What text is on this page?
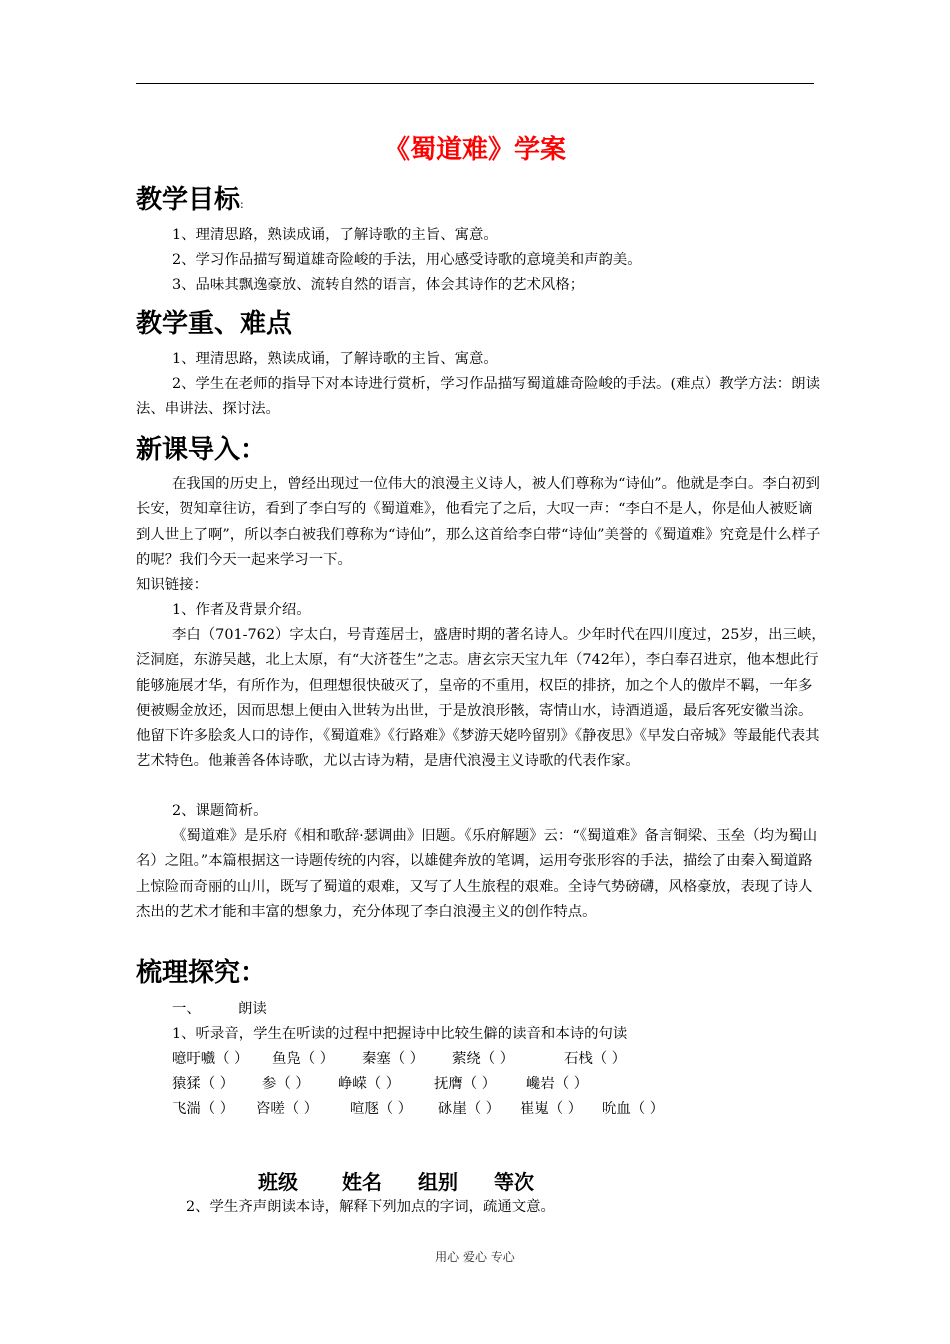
《蜀道难》学案
教学目标:
1、理清思路，熟读成诵，了解诗歌的主旨、寓意。
2、学习作品描写蜀道雄奇险峻的手法，用心感受诗歌的意境美和声韵美。
3、品味其飘逸豪放、流转自然的语言，体会其诗作的艺术风格；
教学重、难点
1、理清思路，熟读成诵，了解诗歌的主旨、寓意。
2、学生在老师的指导下对本诗进行赏析，学习作品描写蜀道雄奇险峻的手法。(难点）教学方法：朗读法、串讲法、探讨法。
新课导入：
在我国的历史上，曾经出现过一位伟大的浪漫主义诗人，被人们尊称为“诗仙”。他就是李白。李白初到长安，贺知章往访，看到了李白写的《蜀道难》，他看完了之后，大叹一声：“李白不是人，你是仙人被贬谪到人世上了啊”，所以李白被我们尊称为“诗仙”，那么这首给李白带“诗仙”美誉的《蜀道难》究竟是什么样子的呢？我们今天一起来学习一下。
知识链接：
1、作者及背景介绍。
李白（701-762）字太白，号青莲居士，盛唐时期的著名诗人。少年时代在四川度过，25岁，出三峡，泛洞庭，东游吴越，北上太原，有“大济苍生”之志。唐玄宗天宝九年（742年），李白奉召进京，他本想此行能够施展才华，有所作为，但理想很快破灭了，皇帝的不重用，权臣的排挤，加之个人的傲岸不羁，一年多便被赐金放还，因而思想上便由入世转为出世，于是放浪形骸，寄情山水，诗酒逍遥，最后客死安徽当涂。他留下许多脍炙人口的诗作，《蜀道难》《行路难》《梦游天姥吟留别》《静夜思》《早发白帝城》等最能代表其艺术特色。他兼善各体诗歌，尤以古诗为精，是唐代浪漫主义诗歌的代表作家。
2、课题简析。
《蜀道难》是乐府《相和歌辞·瑟调曲》旧题。《乐府解题》云：“《蜀道难》备言铜梁、玉垒（均为蜀山名）之阻。”本篇根据这一诗题传统的内容，以雄健奔放的笔调，运用夸张形容的手法，描绘了由秦入蜀道路上惊险而奇丽的山川，既写了蜀道的艰难，又写了人生旅程的艰难。全诗气势磅礴，风格豪放，表现了诗人杰出的艺术才能和丰富的想象力，充分体现了李白浪漫主义的创作特点。
梳理探究：
一、	朗读
1、听录音，学生在听读的过程中把握诗中比较生僻的读音和本诗的句读
噫吁嚱（ ） 鱼凫（ ） 秦塞（ ） 萦绕（ ）	石栈（ ）
猿猱（ ） 参（ ） 峥嵘（ ） 抚膺（ ） 巉岩（ ）
飞湍（ ） 咨嗟（ ） 喧豗（ ） 砯崖（ ） 崔嵬（ ） 吮血（ ）
班级 姓名 组别 等次
2、学生齐声朗读本诗，解释下列加点的字词，疏通文意。
用心 爱心 专心
